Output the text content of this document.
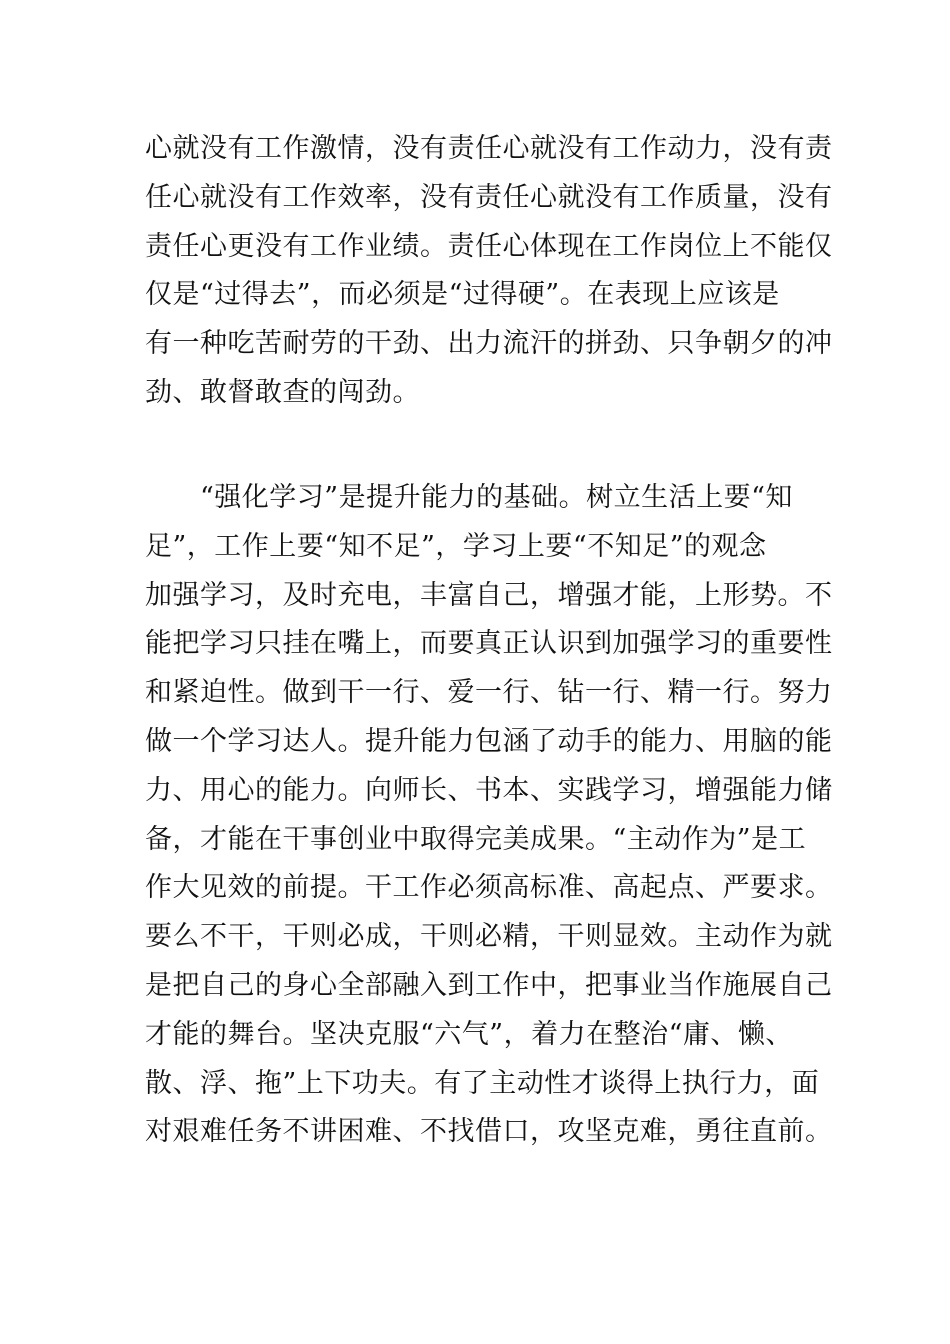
心就没有工作激情，没有责任心就没有工作动力，没有责
任心就没有工作效率，没有责任心就没有工作质量，没有
责任心更没有工作业绩。责任心体现在工作岗位上不能仅
仅是“过得去”，而必须是“过得硬”。在表现上应该是
有一种吃苦耐劳的干劲、出力流汗的拼劲、只争朝夕的冲
劲、敢督敢查的闯劲。

　　“强化学习”是提升能力的基础。树立生活上要“知
足”，工作上要“知不足”，学习上要“不知足”的观念
加强学习，及时充电，丰富自己，增强才能，上形势。不
能把学习只挂在嘴上，而要真正认识到加强学习的重要性
和紧迫性。做到干一行、爱一行、钻一行、精一行。努力
做一个学习达人。提升能力包涵了动手的能力、用脑的能
力、用心的能力。向师长、书本、实践学习，增强能力储
备，才能在干事创业中取得完美成果。“主动作为”是工
作大见效的前提。干工作必须高标准、高起点、严要求。
要么不干，干则必成，干则必精，干则显效。主动作为就
是把自己的身心全部融入到工作中，把事业当作施展自己
才能的舞台。坚决克服“六气”，着力在整治“庸、懒、
散、浮、拖”上下功夫。有了主动性才谈得上执行力，面
对艰难任务不讲困难、不找借口，攻坚克难，勇往直前。
